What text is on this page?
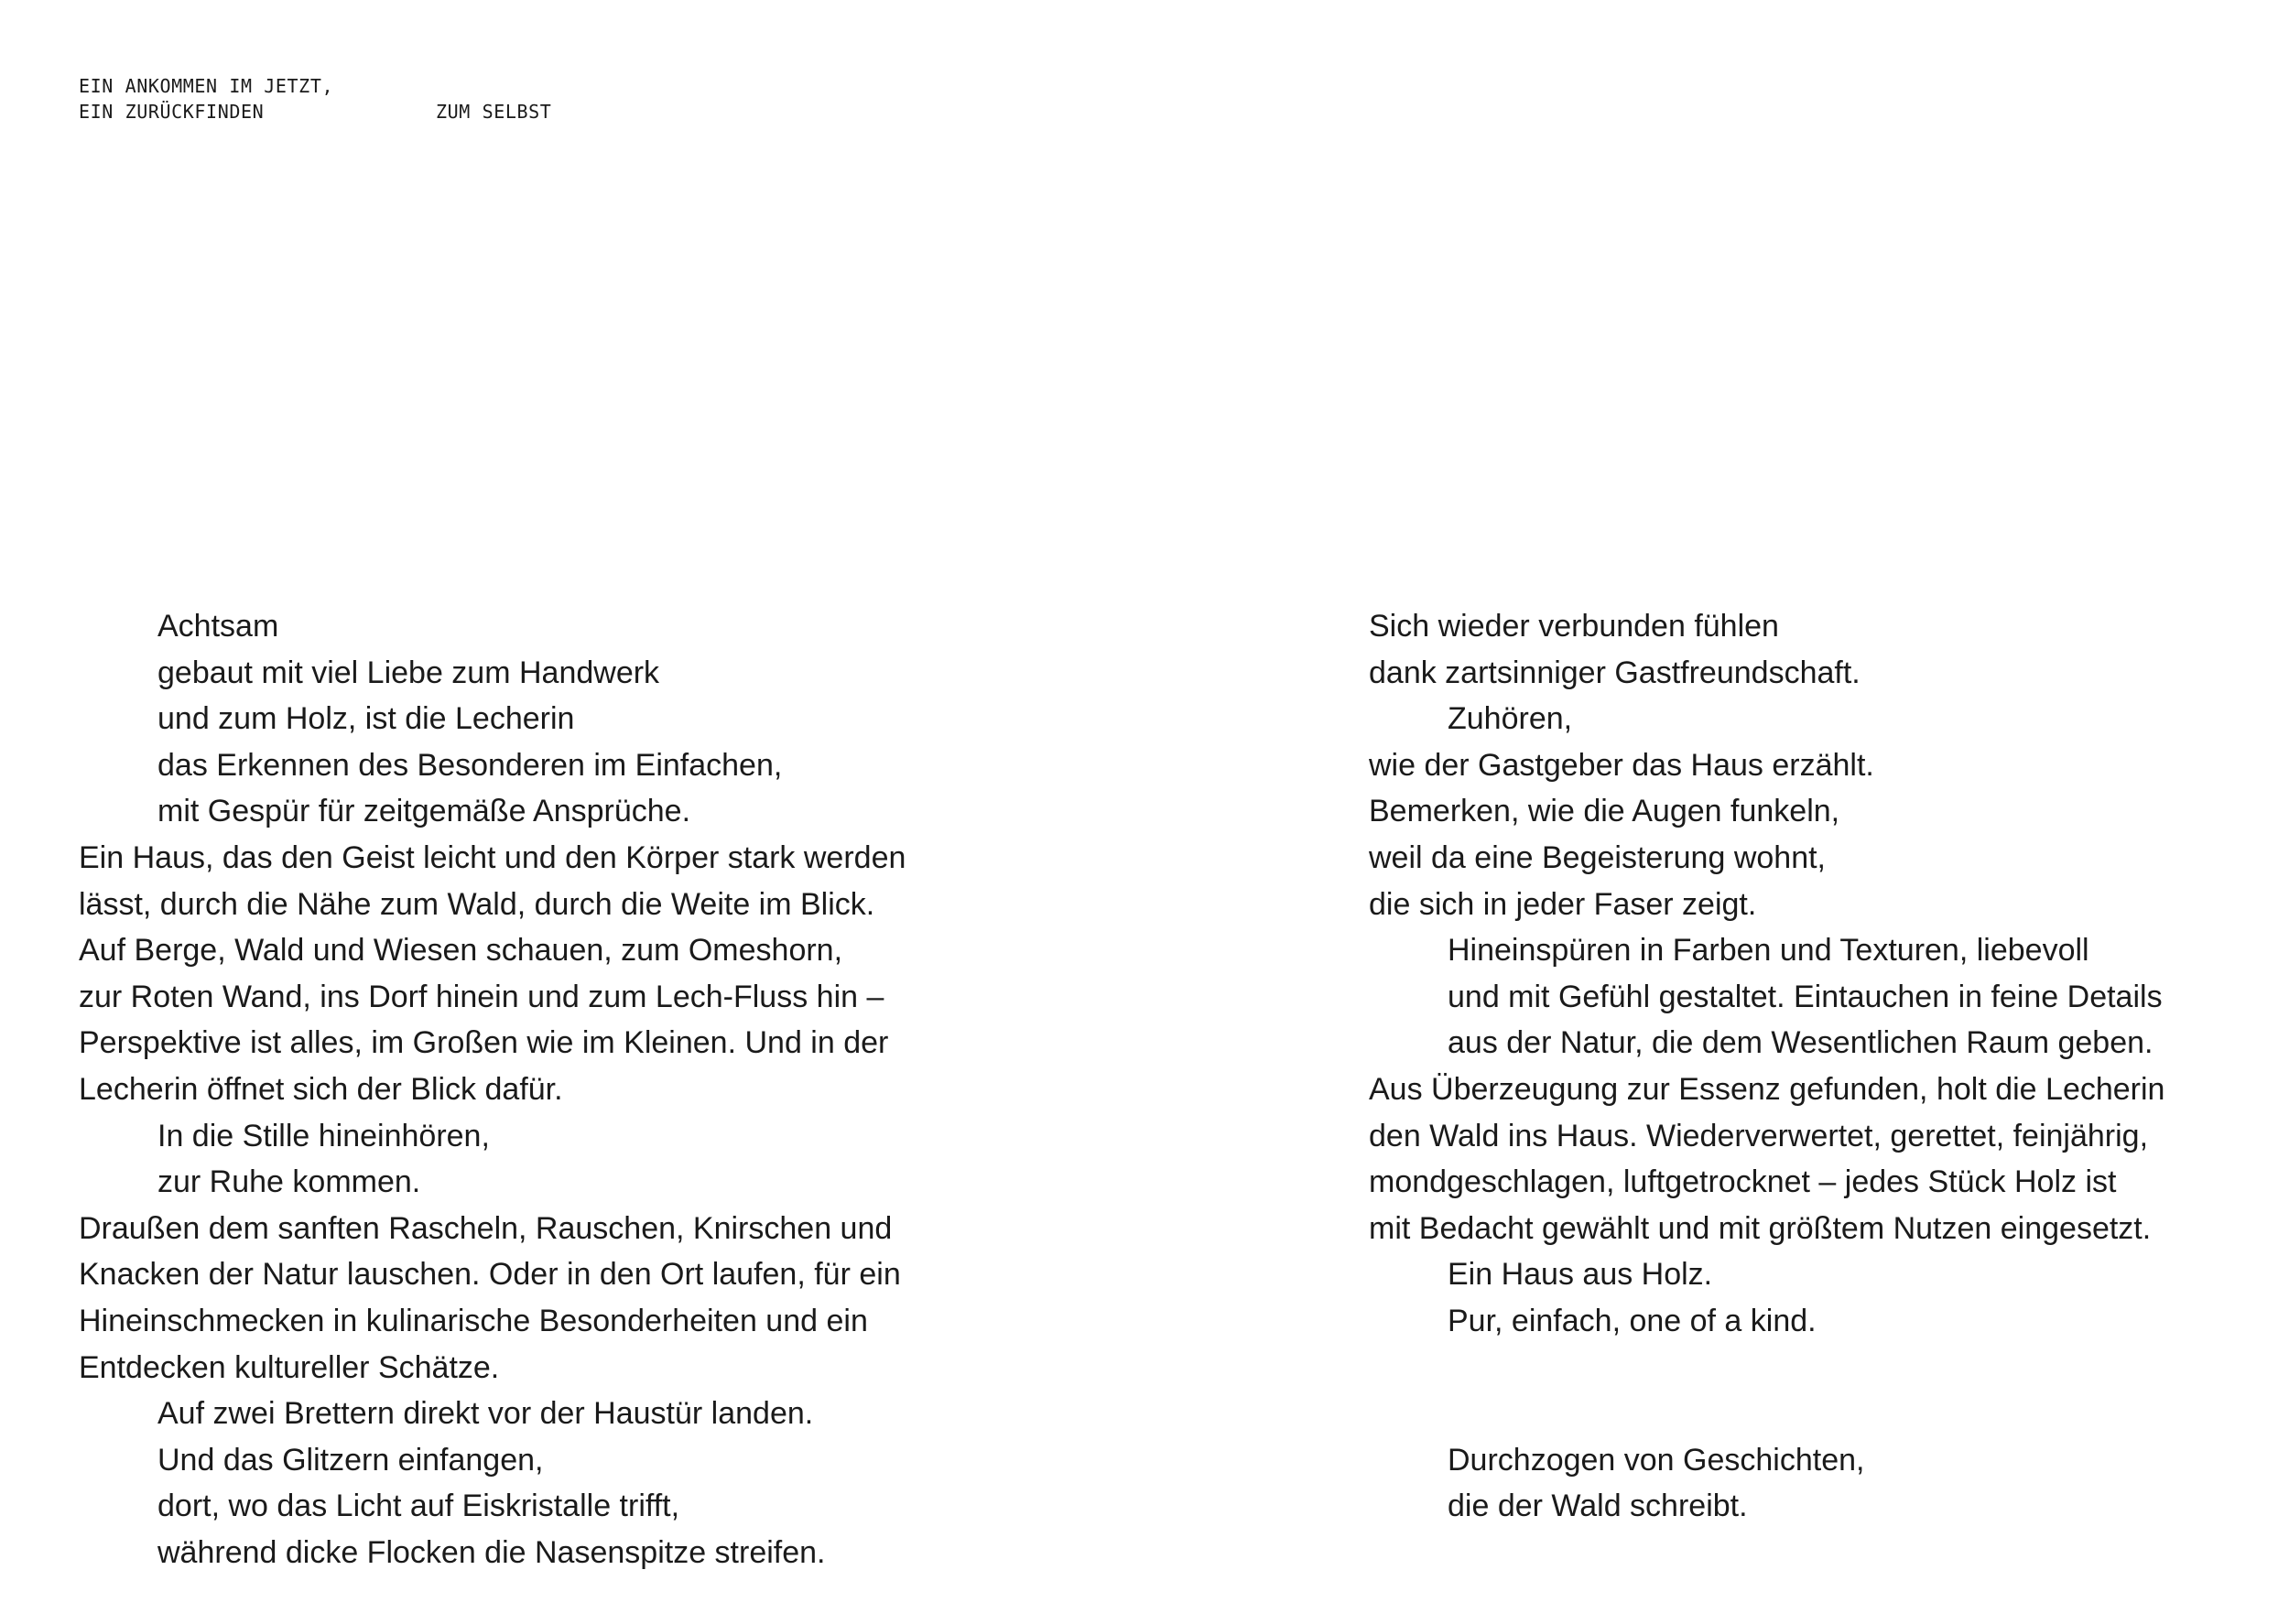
EIN ANKOMMEN IM JETZT,
EIN ZURÜCKFINDEN	ZUM SELBST
Achtsam
gebaut mit viel Liebe zum Handwerk
und zum Holz, ist die Lecherin
das Erkennen des Besonderen im Einfachen,
mit Gespür für zeitgemäße Ansprüche.
Ein Haus, das den Geist leicht und den Körper stark werden
lässt, durch die Nähe zum Wald, durch die Weite im Blick.
Auf Berge, Wald und Wiesen schauen, zum Omeshorn,
zur Roten Wand, ins Dorf hinein und zum Lech-Fluss hin –
Perspektive ist alles, im Großen wie im Kleinen. Und in der
Lecherin öffnet sich der Blick dafür.
In die Stille hineinhören,
zur Ruhe kommen.
Draußen dem sanften Rascheln, Rauschen, Knirschen und
Knacken der Natur lauschen. Oder in den Ort laufen, für ein
Hineinschmecken in kulinarische Besonderheiten und ein
Entdecken kultureller Schätze.
Auf zwei Brettern direkt vor der Haustür landen.
Und das Glitzern einfangen,
dort, wo das Licht auf Eiskristalle trifft,
während dicke Flocken die Nasenspitze streifen.
Sich wieder verbunden fühlen
dank zartsinniger Gastfreundschaft.
Zuhören,
wie der Gastgeber das Haus erzählt.
Bemerken, wie die Augen funkeln,
weil da eine Begeisterung wohnt,
die sich in jeder Faser zeigt.
Hineinspüren in Farben und Texturen, liebevoll
und mit Gefühl gestaltet. Eintauchen in feine Details
aus der Natur, die dem Wesentlichen Raum geben.
Aus Überzeugung zur Essenz gefunden, holt die Lecherin
den Wald ins Haus. Wiederverwertet, gerettet, feinjährig,
mondgeschlagen, luftgetrocknet – jedes Stück Holz ist
mit Bedacht gewählt und mit größtem Nutzen eingesetzt.
Ein Haus aus Holz.
Pur, einfach, one of a kind.
Durchzogen von Geschichten,
die der Wald schreibt.
